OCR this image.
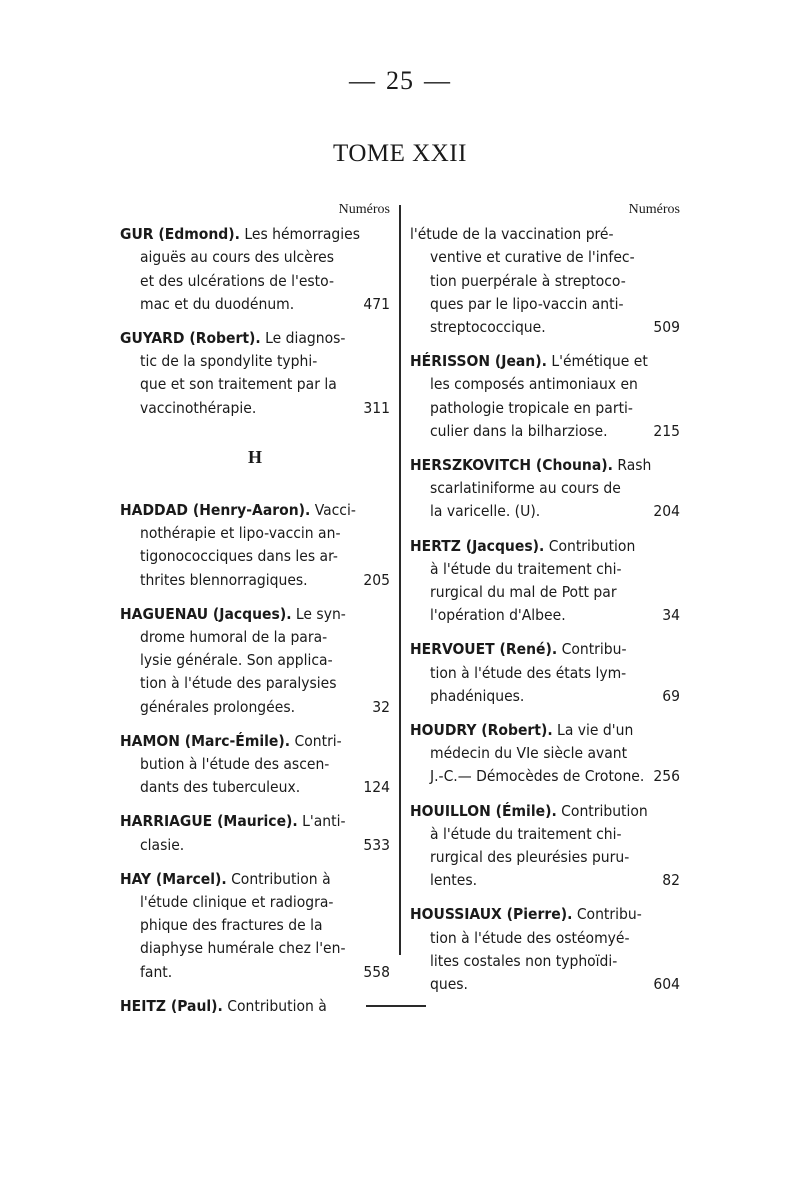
— 25 —
TOME XXII
Numéros
GUR (Edmond). Les hémorragies
aiguës au cours des ulcères
et des ulcérations de l'esto-
mac et du duodénum.	471
GUYARD (Robert). Le diagnos-
tic de la spondylite typhi-
que et son traitement par la
vaccinothérapie.	311
H
HADDAD (Henry-Aaron). Vacci-
nothérapie et lipo-vaccin an-
tigonococciques dans les ar-
thrites blennorragiques.	205
HAGUENAU (Jacques). Le syn-
drome humoral de la para-
lysie générale. Son applica-
tion à l'étude des paralysies
générales prolongées.	32
HAMON (Marc-Émile). Contri-
bution à l'étude des ascen-
dants des tuberculeux.	124
HARRIAGUE (Maurice). L'anti-
clasie.	533
HAY (Marcel). Contribution à
l'étude clinique et radiogra-
phique des fractures de la
diaphyse humérale chez l'en-
fant.	558
HEITZ (Paul). Contribution à
Numéros
l'étude de la vaccination pré-
ventive et curative de l'infec-
tion puerpérale à streptoco-
ques par le lipo-vaccin anti-
streptococcique.	509
HÉRISSON (Jean). L'émétique et
les composés antimoniaux en
pathologie tropicale en parti-
culier dans la bilharziose.	215
HERSZKOVITCH (Chouna). Rash
scarlatiniforme au cours de
la varicelle. (U).	204
HERTZ (Jacques). Contribution
à l'étude du traitement chi-
rurgical du mal de Pott par
l'opération d'Albee.	34
HERVOUET (René). Contribu-
tion à l'étude des états lym-
phadéniques.	69
HOUDRY (Robert). La vie d'un
médecin du VIe siècle avant
J.-C.— Démocèdes de Crotone. 256
HOUILLON (Émile). Contribution
à l'étude du traitement chi-
rurgical des pleurésies puru-
lentes.	82
HOUSSIAUX (Pierre). Contribu-
tion à l'étude des ostéomyé-
lites costales non typhoïdi-
ques.	604
